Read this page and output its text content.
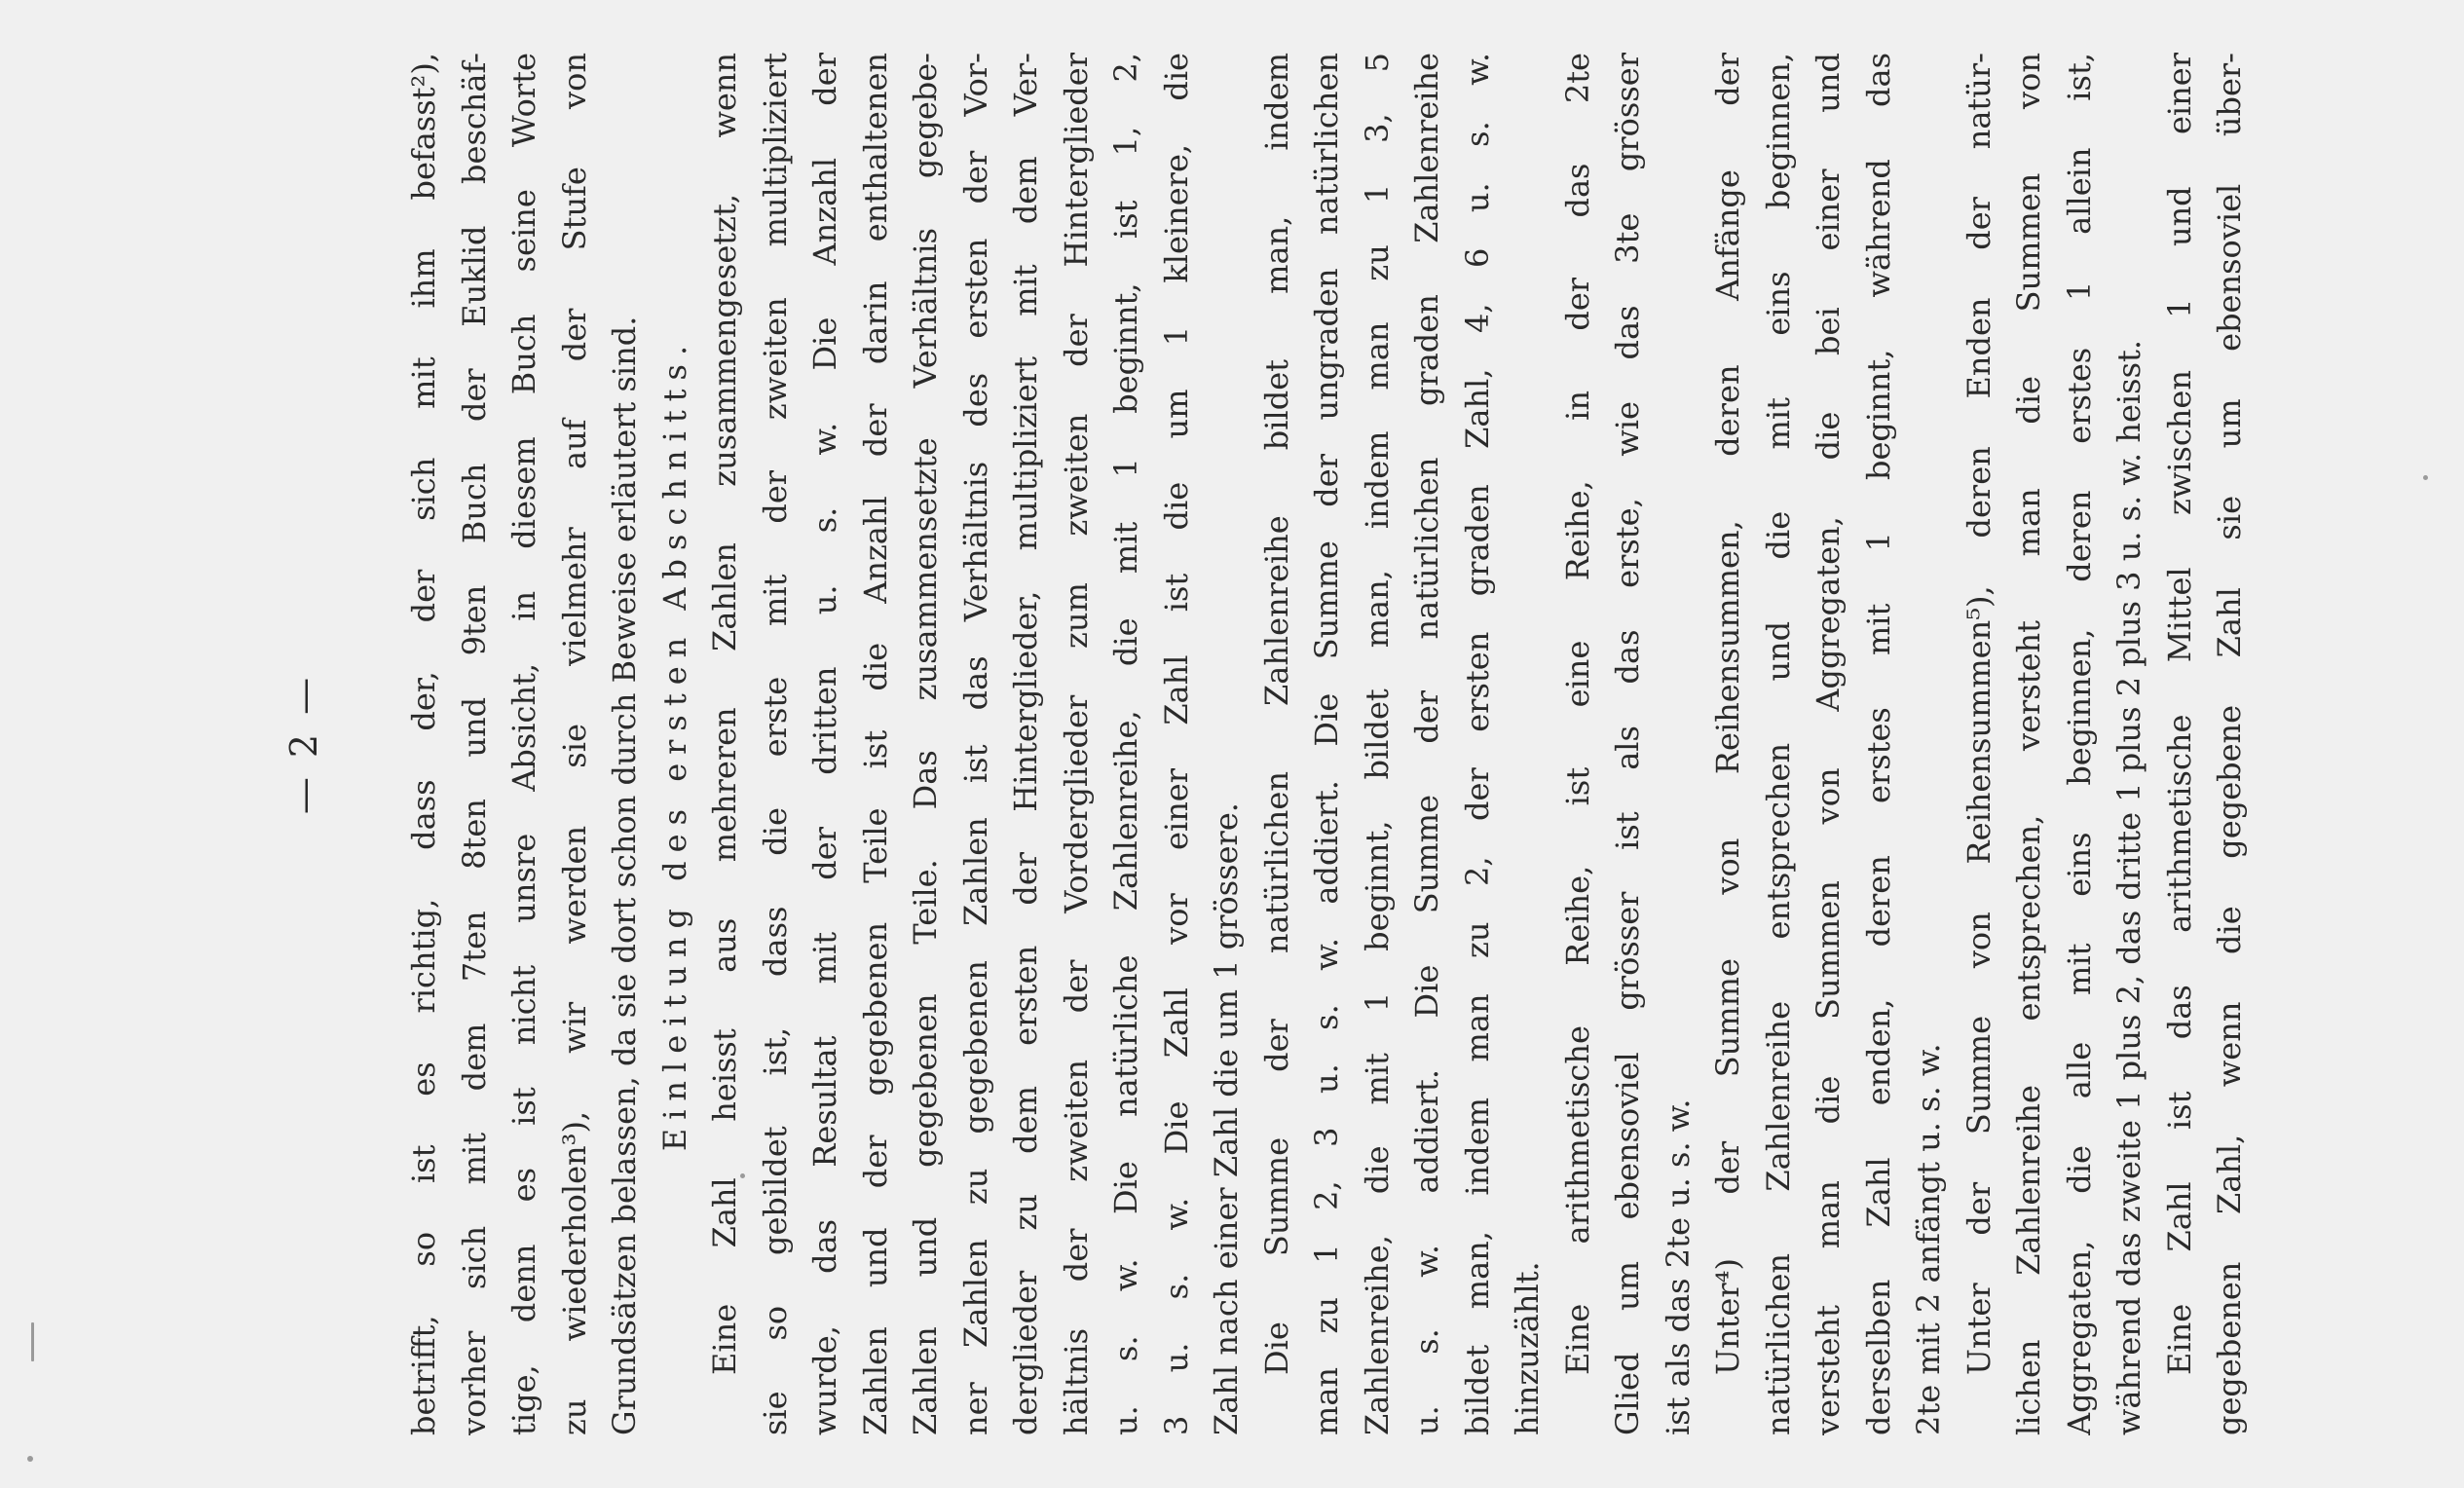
— 2 —	betrifft, so ist es richtig, dass der, der sich mit ihm befasst²), vorher sich mit dem 7ten 8ten und 9ten Buch der Euklid beschäf- tige, denn es ist nicht unsre Absicht, in diesem Buch seine Worte zu wiederholen³), wir werden sie vielmehr auf der Stufe von Grundsätzen belassen, da sie dort schon durch Beweise erläutert sind. Einleitung des ersten Abschnitts. Eine Zahl heisst aus mehreren Zahlen zusammengesetzt, wenn sie so gebildet ist, dass die erste mit der zweiten multipliziert wurde, das Resultat mit der dritten u. s. w. Die Anzahl der Zahlen und der gegebenen Teile ist die Anzahl der darin enthaltenen Zahlen und gegebenen Teile. Das zusammensetzte Verhältnis gegebe- ner Zahlen zu gegebenen Zahlen ist das Verhältnis des ersten der Vor- derglieder zu dem ersten der Hinterglieder, multipliziert mit dem Ver- hältnis der zweiten der Vorderglieder zum zweiten der Hinterglieder u. s. w. Die natürliche Zahlenreihe, die mit 1 beginnt, ist 1, 2, 3 u. s. w. Die Zahl vor einer Zahl ist die um 1 kleinere, die Zahl nach einer Zahl die um 1 grössere. Die Summe der natürlichen Zahlenreihe bildet man, indem man zu 1 2, 3 u. s. w. addiert. Die Summe der ungraden natürlichen Zahlenreihe, die mit 1 beginnt, bildet man, indem man zu 1 3, 5 u. s. w. addiert. Die Summe der natürlichen graden Zahlenreihe bildet man, indem man zu 2, der ersten graden Zahl, 4, 6 u. s. w. hinzuzählt. Eine arithmetische Reihe, ist eine Reihe, in der das 2te Glied um ebensoviel grösser ist als das erste, wie das 3te grösser ist als das 2te u. s. w. Unter⁴) der Summe von Reihensummen, deren Anfänge der natürlichen Zahlenreihe entsprechen und die mit eins beginnen, versteht man die Summen von Aggregaten, die bei einer und derselben Zahl enden, deren erstes mit 1 beginnt, während das 2te mit 2 anfängt u. s. w. Unter der Summe von Reihensummen⁵), deren Enden der natür- lichen Zahlenreihe entsprechen, versteht man die Summen von Aggregaten, die alle mit eins beginnen, deren erstes 1 allein ist, während das zweite 1 plus 2, das dritte 1 plus 2 plus 3 u. s. w. heisst. Eine Zahl ist das arithmetische Mittel zwischen 1 und einer gegebenen Zahl, wenn die gegebene Zahl sie um ebensoviel über-
